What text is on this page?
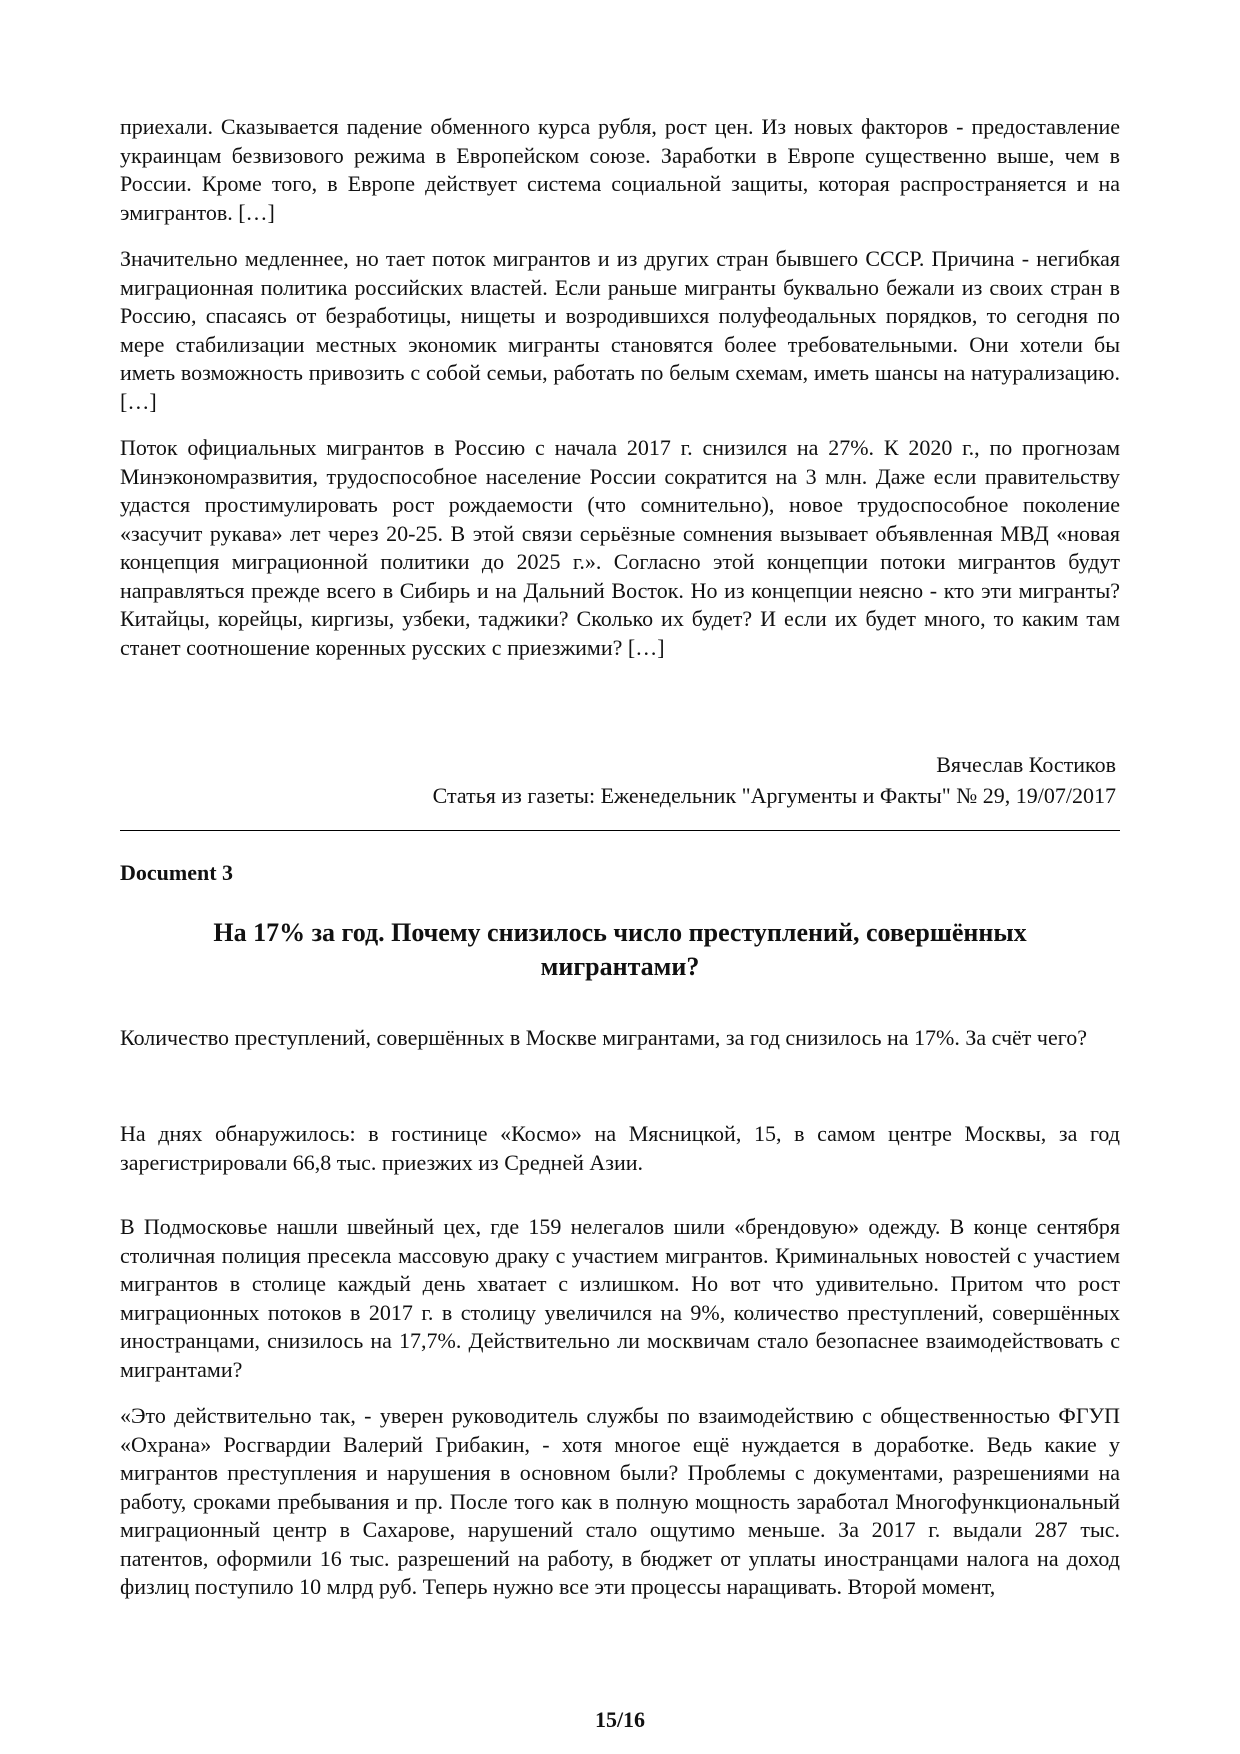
приехали. Сказывается падение обменного курса рубля, рост цен. Из новых факторов - предоставление украинцам безвизового режима в Европейском союзе. Заработки в Европе существенно выше, чем в России. Кроме того, в Европе действует система социальной защиты, которая распространяется и на эмигрантов. […]

Значительно медленнее, но тает поток мигрантов и из других стран бывшего СССР. Причина - негибкая миграционная политика российских властей. Если раньше мигранты буквально бежали из своих стран в Россию, спасаясь от безработицы, нищеты и возродившихся полуфеодальных порядков, то сегодня по мере стабилизации местных экономик мигранты становятся более требовательными. Они хотели бы иметь возможность привозить с собой семьи, работать по белым схемам, иметь шансы на натурализацию. […]

Поток официальных мигрантов в Россию с начала 2017 г. снизился на 27%. К 2020 г., по прогнозам Минэкономразвития, трудоспособное население России сократится на 3 млн. Даже если правительству удастся простимулировать рост рождаемости (что сомнительно), новое трудоспособное поколение «засучит рукава» лет через 20-25. В этой связи серьёзные сомнения вызывает объявленная МВД «новая концепция миграционной политики до 2025 г.». Согласно этой концепции потоки мигрантов будут направляться прежде всего в Сибирь и на Дальний Восток. Но из концепции неясно - кто эти мигранты? Китайцы, корейцы, киргизы, узбеки, таджики? Сколько их будет? И если их будет много, то каким там станет соотношение коренных русских с приезжими? […]

Вячеслав Костиков

Статья из газеты: Еженедельник "Аргументы и Факты" № 29, 19/07/2017

Document 3

На 17% за год. Почему снизилось число преступлений, совершённых мигрантами?

Количество преступлений, совершённых в Москве мигрантами, за год снизилось на 17%. За счёт чего?

На днях обнаружилось: в гостинице «Космо» на Мясницкой, 15, в самом центре Москвы, за год зарегистрировали 66,8 тыс. приезжих из Средней Азии.

В Подмосковье нашли швейный цех, где 159 нелегалов шили «брендовую» одежду. В конце сентября столичная полиция пресекла массовую драку с участием мигрантов. Криминальных новостей с участием мигрантов в столице каждый день хватает с излишком. Но вот что удивительно. Притом что рост миграционных потоков в 2017 г. в столицу увеличился на 9%, количество преступлений, совершённых иностранцами, снизилось на 17,7%. Действительно ли москвичам стало безопаснее взаимодействовать с мигрантами?

«Это действительно так, - уверен руководитель службы по взаимодействию с общественностью ФГУП «Охрана» Росгвардии Валерий Грибакин, - хотя многое ещё нуждается в доработке. Ведь какие у мигрантов преступления и нарушения в основном были? Проблемы с документами, разрешениями на работу, сроками пребывания и пр. После того как в полную мощность заработал Многофункциональный миграционный центр в Сахарове, нарушений стало ощутимо меньше. За 2017 г. выдали 287 тыс. патентов, оформили 16 тыс. разрешений на работу, в бюджет от уплаты иностранцами налога на доход физлиц поступило 10 млрд руб. Теперь нужно все эти процессы наращивать. Второй момент,

15/16
